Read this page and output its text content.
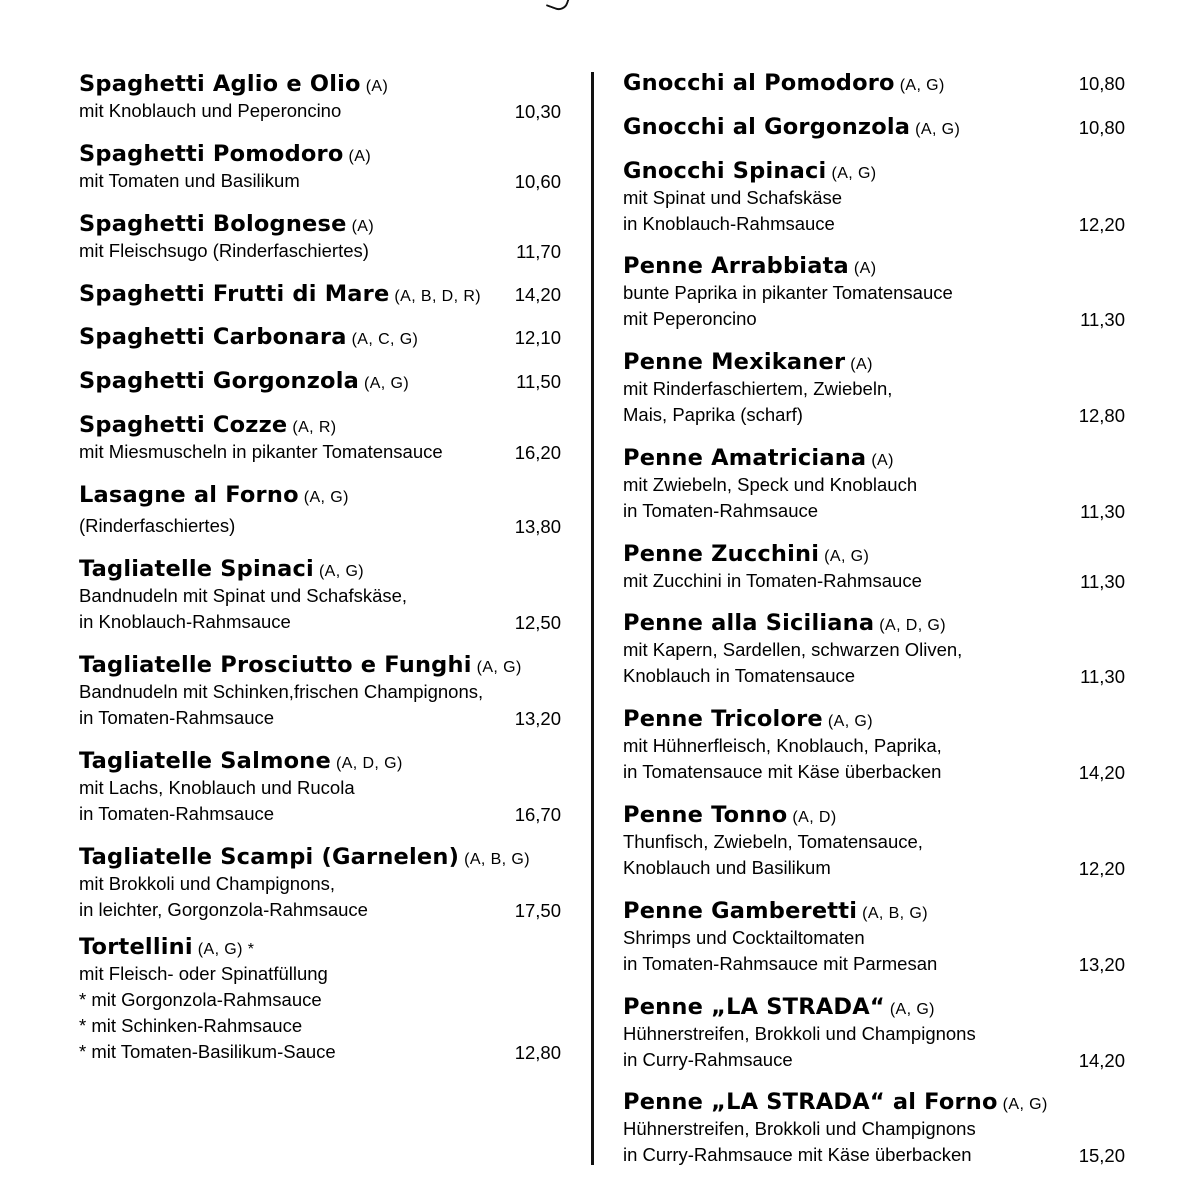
Spaghetti Aglio e Olio (A)
mit Knoblauch und Peperoncino	10,30
Spaghetti Pomodoro (A)
mit Tomaten und Basilikum	10,60
Spaghetti Bolognese (A)
mit Fleischsugo (Rinderfaschiertes)	11,70
Spaghetti Frutti di Mare (A, B, D, R)	14,20
Spaghetti Carbonara (A, C, G)	12,10
Spaghetti Gorgonzola (A, G)	11,50
Spaghetti Cozze (A, R)
mit Miesmuscheln in pikanter Tomatensauce	16,20
Lasagne al Forno (A, G)
(Rinderfaschiertes)	13,80
Tagliatelle Spinaci (A, G)
Bandnudeln mit Spinat und Schafskäse,
in Knoblauch-Rahmsauce	12,50
Tagliatelle Prosciutto e Funghi (A, G)
Bandnudeln mit Schinken,frischen Champignons,
in Tomaten-Rahmsauce	13,20
Tagliatelle Salmone (A, D, G)
mit Lachs, Knoblauch und Rucola
in Tomaten-Rahmsauce	16,70
Tagliatelle Scampi (Garnelen) (A, B, G)
mit Brokkoli und Champignons,
in leichter, Gorgonzola-Rahmsauce	17,50
Tortellini (A, G) *
mit Fleisch- oder Spinatfüllung
* mit Gorgonzola-Rahmsauce
* mit Schinken-Rahmsauce
* mit Tomaten-Basilikum-Sauce	12,80
Gnocchi al Pomodoro (A, G)	10,80
Gnocchi al Gorgonzola (A, G)	10,80
Gnocchi Spinaci (A, G)
mit Spinat und Schafskäse
in Knoblauch-Rahmsauce	12,20
Penne Arrabbiata (A)
bunte Paprika in pikanter Tomatensauce
mit Peperoncino	11,30
Penne Mexikaner (A)
mit Rinderfaschiertem, Zwiebeln,
Mais, Paprika (scharf)	12,80
Penne Amatriciana (A)
mit Zwiebeln, Speck und Knoblauch
in Tomaten-Rahmsauce	11,30
Penne Zucchini (A, G)
mit Zucchini in Tomaten-Rahmsauce	11,30
Penne alla Siciliana (A, D, G)
mit Kapern, Sardellen, schwarzen Oliven,
Knoblauch in Tomatensauce	11,30
Penne Tricolore (A, G)
mit Hühnerfleisch, Knoblauch, Paprika,
in Tomatensauce mit Käse überbacken	14,20
Penne Tonno (A, D)
Thunfisch, Zwiebeln, Tomatensauce,
Knoblauch und Basilikum	12,20
Penne Gamberetti (A, B, G)
Shrimps und Cocktailtomaten
in Tomaten-Rahmsauce mit Parmesan	13,20
Penne „LA STRADA“ (A, G)
Hühnerstreifen, Brokkoli und Champignons
in Curry-Rahmsauce	14,20
Penne „LA STRADA“ al Forno (A, G)
Hühnerstreifen, Brokkoli und Champignons
in Curry-Rahmsauce mit Käse überbacken	15,20
